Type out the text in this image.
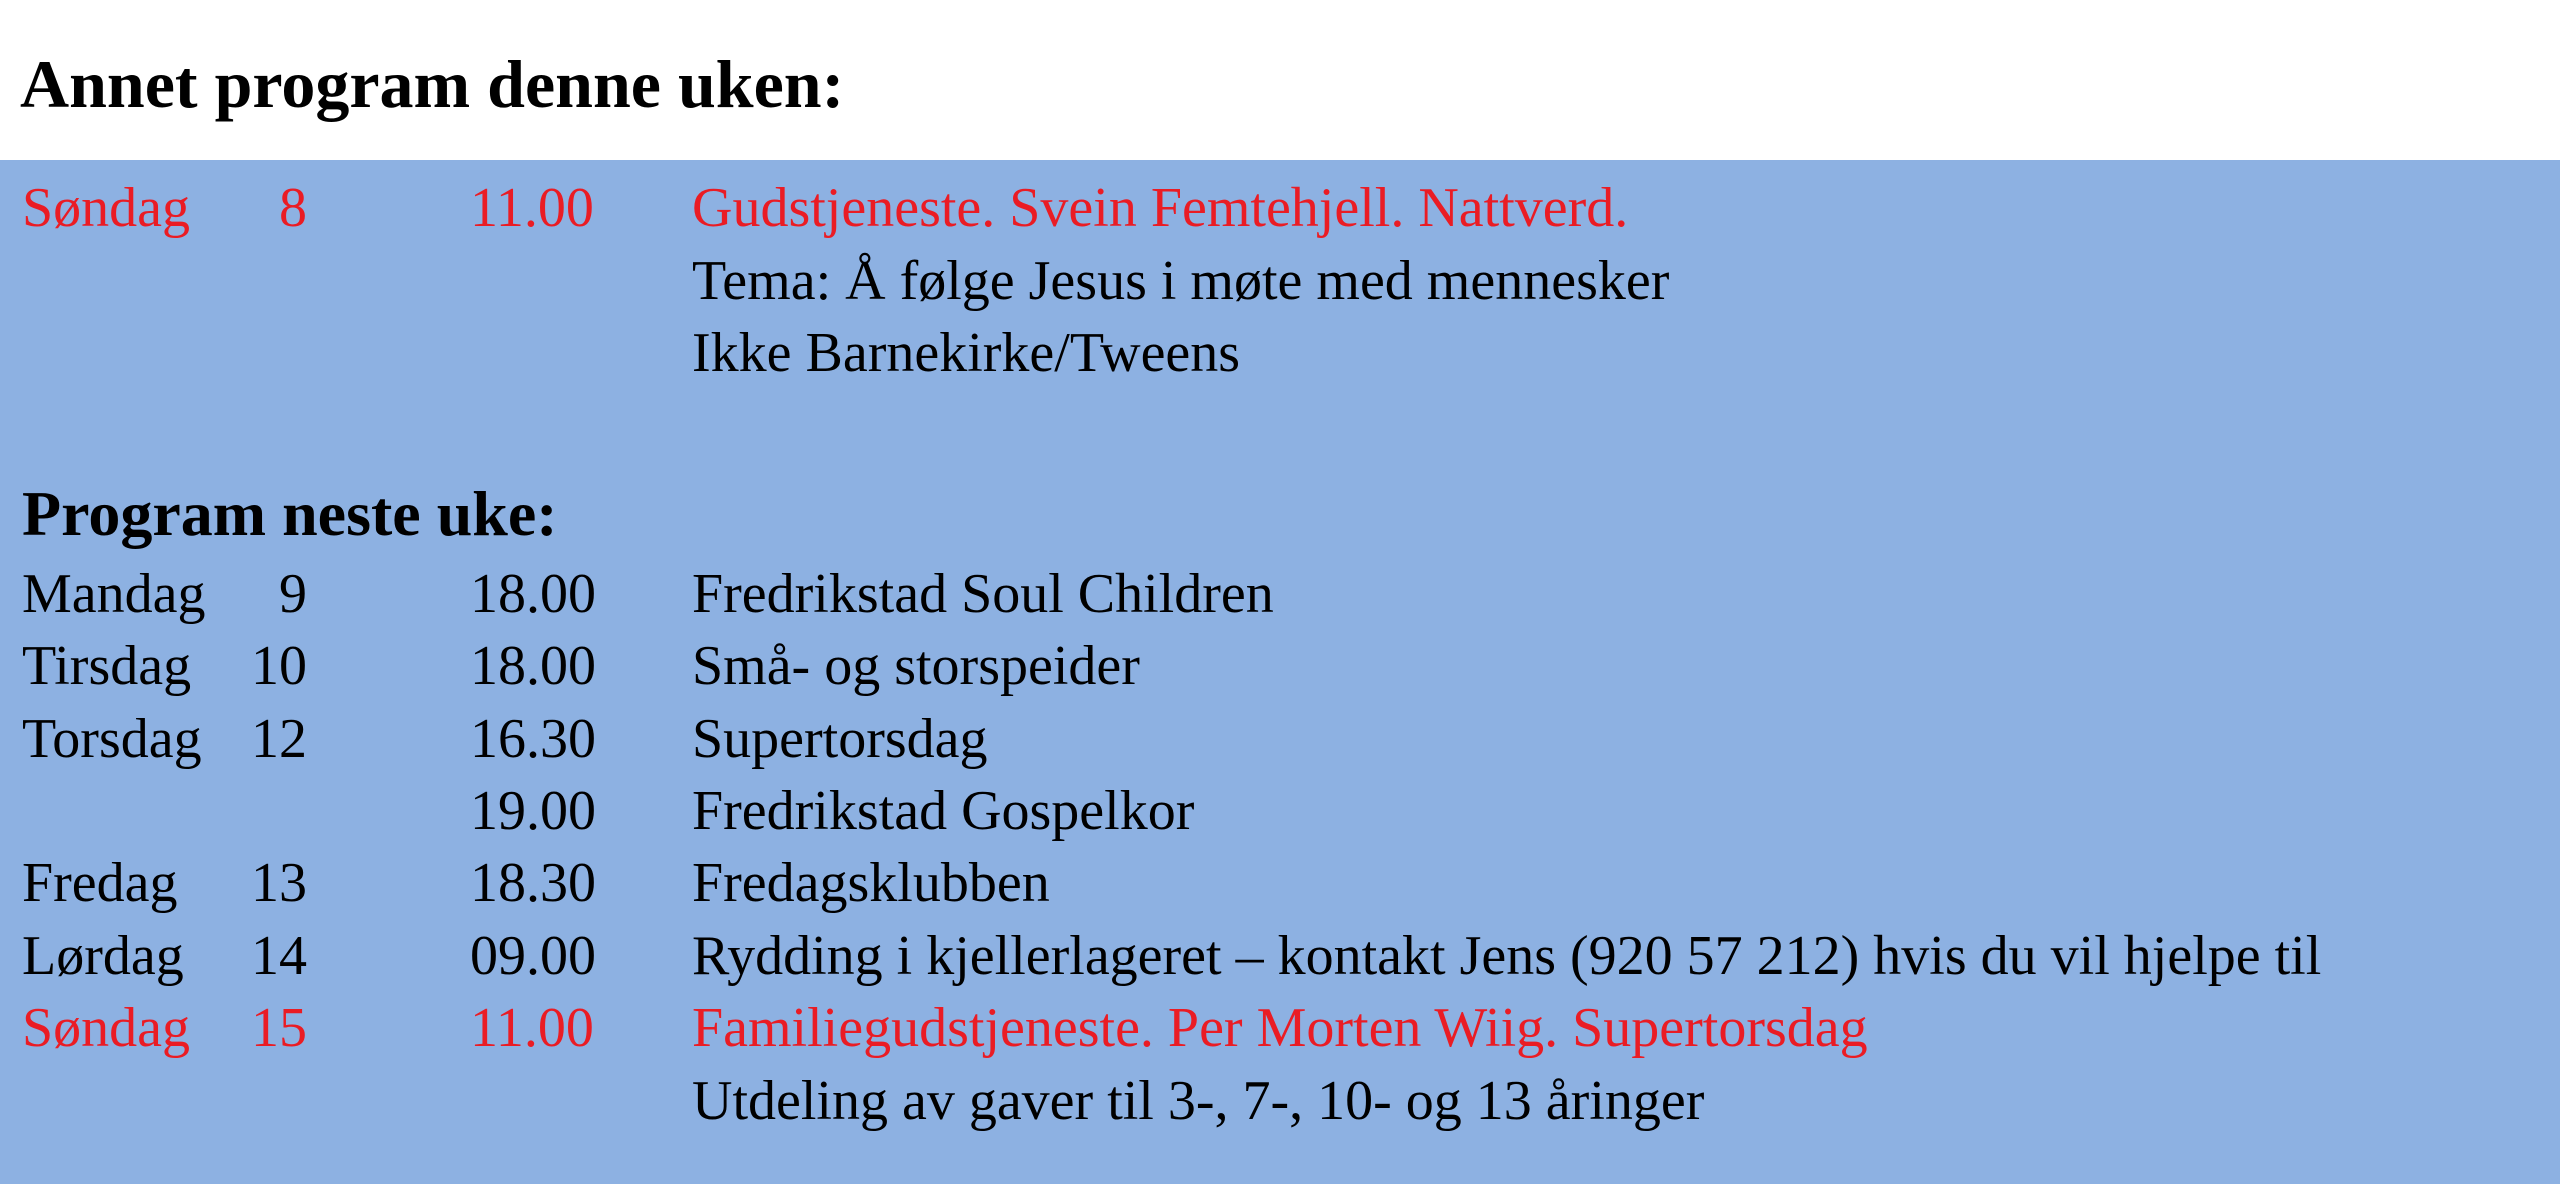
Annet program denne uken:
Søndag	8	11.00 Gudstjeneste. Svein Femtehjell. Nattverd.
Tema: Å følge Jesus i møte med mennesker
Ikke Barnekirke/Tweens
Program neste uke:
Mandag	9	18.00 Fredrikstad Soul Children
Tirsdag	10	18.00 Små- og storspeider
Torsdag 12	16.30 Supertorsdag
19.00 Fredrikstad Gospelkor
Fredag	13	18.30 Fredagsklubben
Lørdag	14	09.00 Rydding i kjellerlageret – kontakt Jens (920 57 212) hvis du vil hjelpe til
Søndag	15	11.00 Familiegudstjeneste. Per Morten Wiig. Supertorsdag
Utdeling av gaver til 3-, 7-, 10- og 13 åringer
